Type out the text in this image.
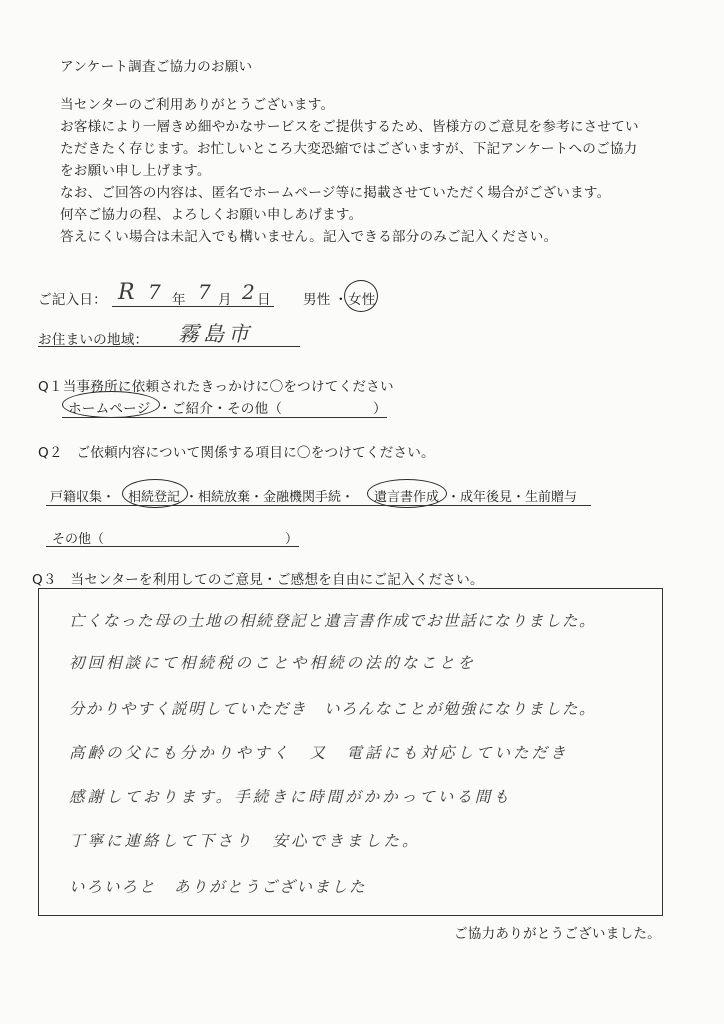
アンケート調査ご協力のお願い
当センターのご利用ありがとうございます。
お客様により一層きめ細やかなサービスをご提供するため、皆様方のご意見を参考にさせてい
ただきたく存じます。お忙しいところ大変恐縮ではございますが、下記アンケートへのご協力
をお願い申し上げます。
なお、ご回答の内容は、匿名でホームページ等に掲載させていただく場合がございます。
何卒ご協力の程、よろしくお願い申しあげます。
答えにくい場合は未記入でも構いません。記入できる部分のみご記入ください。
ご記入日： R 7 年 7 月 2 日 男性 ・ 女性
お住まいの地域： 霧島市
Q１当事務所に依頼されたきっかけに〇をつけてください
ホームページ ・ご紹介・その他（	）
Q２　ご依頼内容について関係する項目に〇をつけてください。
戸籍収集・ 相続登記 ・相続放棄・金融機関手続・ 遺言書作成 ・成年後見・生前贈与
その他（	）
Q３　当センターを利用してのご意見・ご感想を自由にご記入ください。
亡くなった母の土地の相続登記と遺言書作成でお世話になりました。
初回相談にて相続税のことや相続の法的なことを
分かりやすく説明していただき　いろんなことが勉強になりました。
高齢の父にも分かりやすく　又　電話にも対応していただき
感謝しております。手続きに時間がかかっている間も
丁寧に連絡して下さり　安心できました。
いろいろと　ありがとうございました
ご協力ありがとうございました。
